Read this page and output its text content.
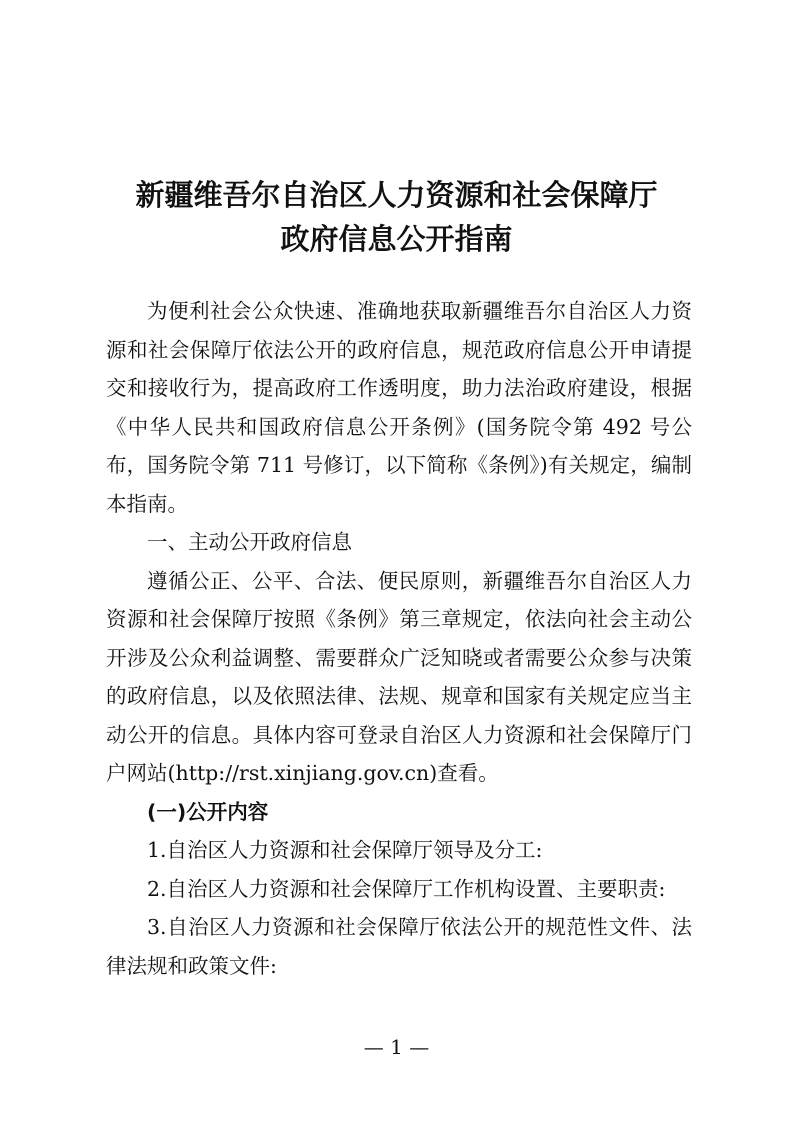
新疆维吾尔自治区人力资源和社会保障厅
政府信息公开指南

为便利社会公众快速、准确地获取新疆维吾尔自治区人力资源和社会保障厅依法公开的政府信息，规范政府信息公开申请提交和接收行为，提高政府工作透明度，助力法治政府建设，根据《中华人民共和国政府信息公开条例》(国务院令第 492 号公布，国务院令第 711 号修订，以下简称《条例》)有关规定，编制本指南。

一、主动公开政府信息

遵循公正、公平、合法、便民原则，新疆维吾尔自治区人力资源和社会保障厅按照《条例》第三章规定，依法向社会主动公开涉及公众利益调整、需要群众广泛知晓或者需要公众参与决策的政府信息，以及依照法律、法规、规章和国家有关规定应当主动公开的信息。具体内容可登录自治区人力资源和社会保障厅门户网站(http://rst.xinjiang.gov.cn)查看。

(一)公开内容

1.自治区人力资源和社会保障厅领导及分工:

2.自治区人力资源和社会保障厅工作机构设置、主要职责:

3.自治区人力资源和社会保障厅依法公开的规范性文件、法律法规和政策文件:

— 1 —
